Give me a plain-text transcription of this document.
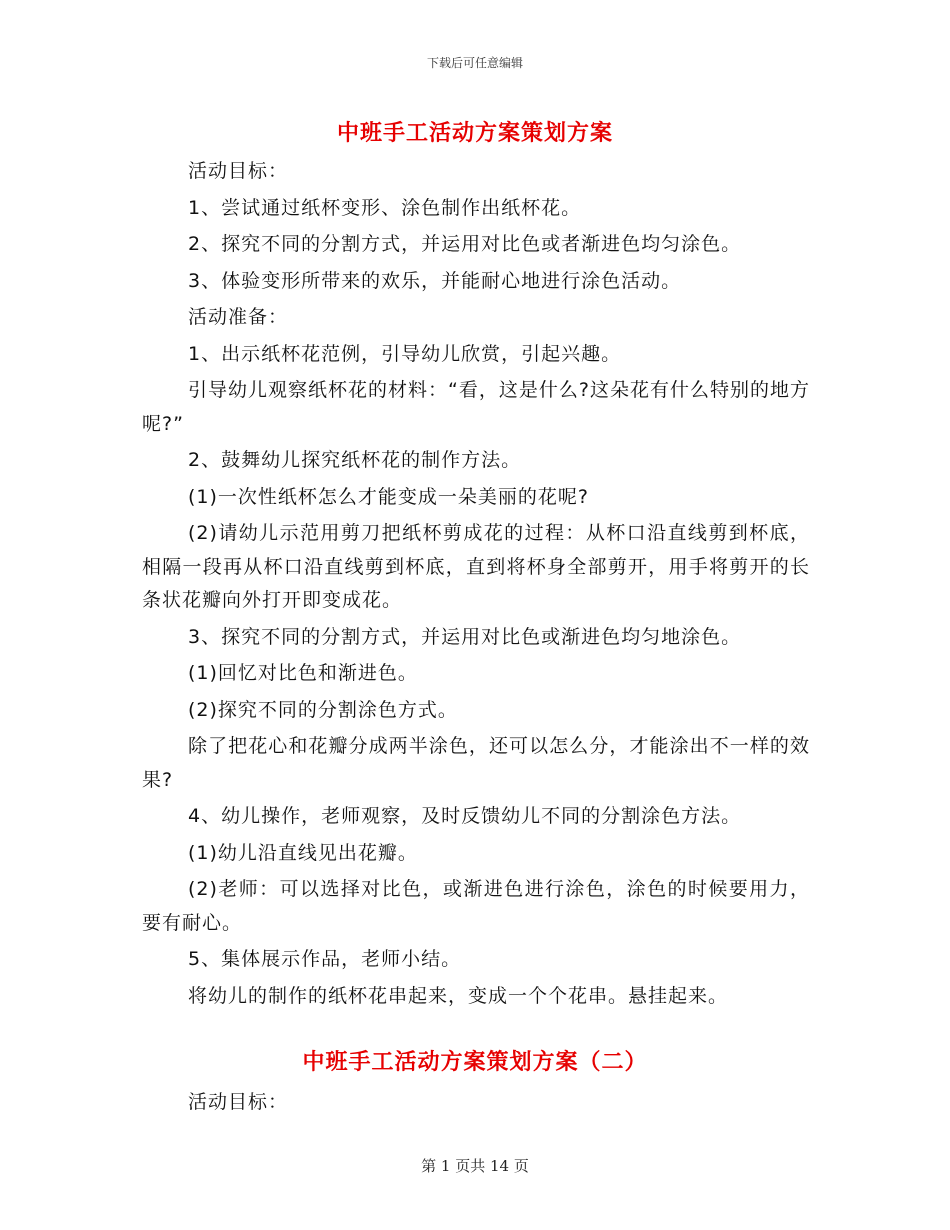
下载后可任意编辑
中班手工活动方案策划方案

活动目标：

1、尝试通过纸杯变形、涂色制作出纸杯花。

2、探究不同的分割方式，并运用对比色或者渐进色均匀涂色。

3、体验变形所带来的欢乐，并能耐心地进行涂色活动。

活动准备：

1、出示纸杯花范例，引导幼儿欣赏，引起兴趣。

引导幼儿观察纸杯花的材料：“看，这是什么?这朵花有什么特别的地方呢?”

2、鼓舞幼儿探究纸杯花的制作方法。

(1)一次性纸杯怎么才能变成一朵美丽的花呢?

(2)请幼儿示范用剪刀把纸杯剪成花的过程：从杯口沿直线剪到杯底，相隔一段再从杯口沿直线剪到杯底，直到将杯身全部剪开，用手将剪开的长条状花瓣向外打开即变成花。

3、探究不同的分割方式，并运用对比色或渐进色均匀地涂色。

(1)回忆对比色和渐进色。

(2)探究不同的分割涂色方式。

除了把花心和花瓣分成两半涂色，还可以怎么分，才能涂出不一样的效果?

4、幼儿操作，老师观察，及时反馈幼儿不同的分割涂色方法。

(1)幼儿沿直线见出花瓣。

(2)老师：可以选择对比色，或渐进色进行涂色，涂色的时候要用力，要有耐心。

5、集体展示作品，老师小结。

将幼儿的制作的纸杯花串起来，变成一个个花串。悬挂起来。

中班手工活动方案策划方案（二）

活动目标：

第 1 页共 14 页
